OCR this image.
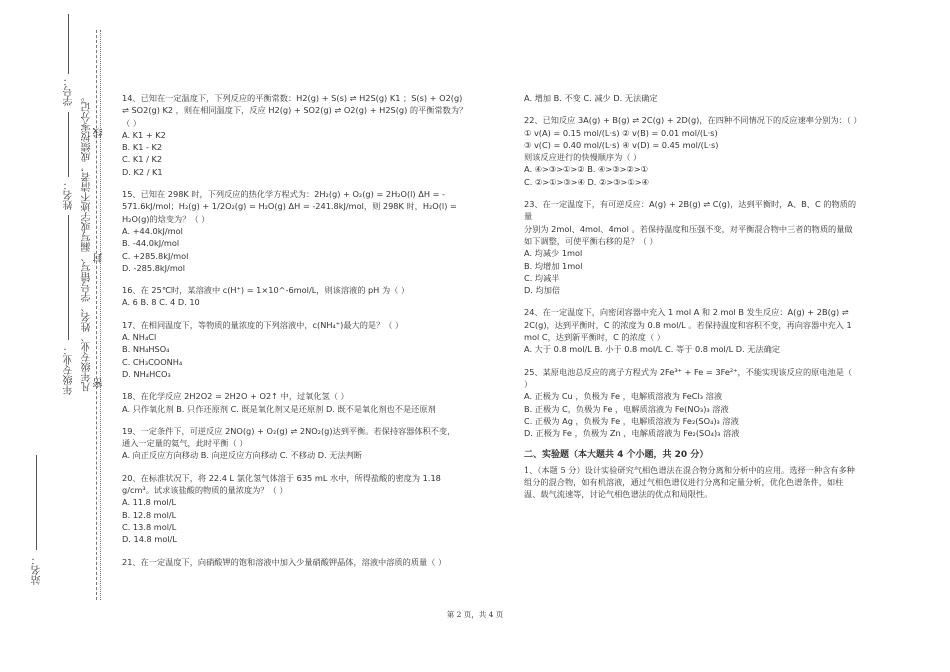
学号：
姓名：
年级专业：
站名：
凡年级专业、姓名、学号错写、漏写或字迹不清者，成绩按零分记。 密
封
线
14、已知在一定温度下，下列反应的平衡常数：H2(g) + S(s) ⇌ H2S(g) K1 ；S(s) + O2(g)
⇌ SO2(g) K2 ，则在相同温度下，反应 H2(g) + SO2(g) ⇌ O2(g) + H2S(g) 的平衡常数为？
（ ）
A. K1 + K2
B. K1 - K2
C. K1 / K2
D. K2 / K1
15、已知在 298K 时，下列反应的热化学方程式为：2H₂(g) + O₂(g) = 2H₂O(l) ΔH = -
571.6kJ/mol；H₂(g) + 1/2O₂(g) = H₂O(g) ΔH = -241.8kJ/mol，则 298K 时，H₂O(l) =
H₂O(g)的焓变为？（ ）
A. +44.0kJ/mol
B. -44.0kJ/mol
C. +285.8kJ/mol
D. -285.8kJ/mol
16、在 25℃时，某溶液中 c(H⁺) = 1×10^-6mol/L，则该溶液的 pH 为（ ）
A. 6 B. 8 C. 4 D. 10
17、在相同温度下，等物质的量浓度的下列溶液中，c(NH₄⁺)最大的是？（ ）
A. NH₄Cl
B. NH₄HSO₄
C. CH₃COONH₄
D. NH₄HCO₃
18、在化学反应 2H2O2 = 2H2O + O2↑ 中，过氧化氢（ ）
A. 只作氧化剂 B. 只作还原剂 C. 既是氧化剂又是还原剂 D. 既不是氧化剂也不是还原剂
19、一定条件下，可逆反应 2NO(g) + O₂(g) ⇌ 2NO₂(g)达到平衡。若保持容器体积不变，
通入一定量的氦气，此时平衡（ ）
A. 向正反应方向移动 B. 向逆反应方向移动 C. 不移动 D. 无法判断
20、在标准状况下，将 22.4 L 氯化氢气体溶于 635 mL 水中，所得盐酸的密度为 1.18
g/cm³。试求该盐酸的物质的量浓度为？（ ）
A. 11.8 mol/L
B. 12.8 mol/L
C. 13.8 mol/L
D. 14.8 mol/L
21、在一定温度下，向硝酸钾的饱和溶液中加入少量硝酸钾晶体，溶液中溶质的质量（ ）
A. 增加 B. 不变 C. 减少 D. 无法确定
22、已知反应 3A(g) + B(g) ⇌ 2C(g) + 2D(g)，在四种不同情况下的反应速率分别为：（ ）
① v(A) = 0.15 mol/(L·s) ② v(B) = 0.01 mol/(L·s)
③ v(C) = 0.40 mol/(L·s) ④ v(D) = 0.45 mol/(L·s)
则该反应进行的快慢顺序为（ ）
A. ④>③>①>② B. ④>③>②>①
C. ②>①>③>④ D. ②>③>①>④
23、在一定温度下，有可逆反应：A(g) + 2B(g) ⇌ C(g)，达到平衡时，A、B、C 的物质的量
分别为 2mol、4mol、4mol 。若保持温度和压强不变，对平衡混合物中三者的物质的量做
如下调整，可使平衡右移的是？（ ）
A. 均减少 1mol
B. 均增加 1mol
C. 均减半
D. 均加倍
24、在一定温度下，向密闭容器中充入 1 mol A 和 2 mol B 发生反应：A(g) + 2B(g) ⇌
2C(g)，达到平衡时，C 的浓度为 0.8 mol/L 。若保持温度和容积不变，再向容器中充入 1
mol C，达到新平衡时，C 的浓度（ ）
A. 大于 0.8 mol/L B. 小于 0.8 mol/L C. 等于 0.8 mol/L D. 无法确定
25、某原电池总反应的离子方程式为 2Fe³⁺ + Fe = 3Fe²⁺，不能实现该反应的原电池是（
）
A. 正极为 Cu ，负极为 Fe ，电解质溶液为 FeCl₃ 溶液
B. 正极为 C，负极为 Fe ，电解质溶液为 Fe(NO₃)₃ 溶液
C. 正极为 Ag ，负极为 Fe ，电解质溶液为 Fe₂(SO₄)₃ 溶液
D. 正极为 Fe ，负极为 Zn ，电解质溶液为 Fe₂(SO₄)₃ 溶液
二、实验题（本大题共 4 个小题，共 20 分）
1、（本题 5 分）设计实验研究气相色谱法在混合物分离和分析中的应用。选择一种含有多种
组分的混合物，如有机溶液，通过气相色谱仪进行分离和定量分析，优化色谱条件，如柱
温、载气流速等，讨论气相色谱法的优点和局限性。
第 2 页，共 4 页
